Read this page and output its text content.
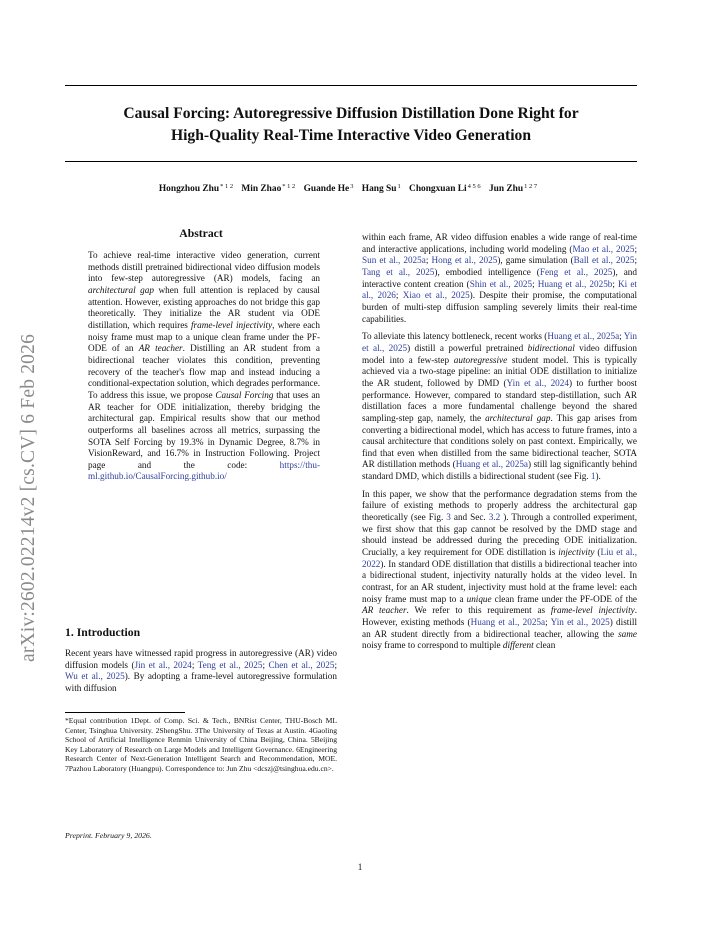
arXiv:2602.02214v2 [cs.CV] 6 Feb 2026
Causal Forcing: Autoregressive Diffusion Distillation Done Right for
High-Quality Real-Time Interactive Video Generation
Hongzhou Zhu$^{* 1 2}$ Min Zhao$^{* 1 2}$ Guande He$^3$ Hang Su$^1$ Chongxuan $Li^{4 5 6}$ Jun Zhu$^{1 2 7}$
Abstract

To achieve real-time interactive video generation, current methods distill pretrained bidirectional video diffusion models into few-step autoregressive (AR) models, facing an architectural gap when full attention is replaced by causal attention. However, existing approaches do not bridge this gap theoretically. They initialize the AR student via ODE distillation, which requires frame-level injectivity, where each noisy frame must map to a unique clean frame under the PF-ODE of an AR teacher. Distilling an AR student from a bidirectional teacher violates this condition, preventing recovery of the teacher's flow map and instead inducing a conditional-expectation solution, which degrades performance. To address this issue, we propose Causal Forcing that uses an AR teacher for ODE initialization, thereby bridging the architectural gap. Empirical results show that our method outperforms all baselines across all metrics, surpassing the SOTA Self Forcing by 19.3% in Dynamic Degree, 8.7% in VisionReward, and 16.7% in Instruction Following. Project page and the code: https://thu-ml.github.io/CausalForcing.github.io/

1. Introduction

Recent years have witnessed rapid progress in autoregressive (AR) video diffusion models (Jin et al., 2024; Teng et al., 2025; Chen et al., 2025; Wu et al., 2025). By adopting a frame-level autoregressive formulation with diffusion

*Equal contribution 1Dept. of Comp. Sci. & Tech., BNRist Center, THU-Bosch ML Center, Tsinghua University. 2ShengShu. 3The University of Texas at Austin. 4Gaoling School of Artificial Intelligence Renmin University of China Beijing, China. 5Beijing Key Laboratory of Research on Large Models and Intelligent Governance. 6Engineering Research Center of Next-Generation Intelligent Search and Recommendation, MOE. 7Pazhou Laboratory (Huangpu). Correspondence to: Jun Zhu <dcszj@tsinghua.edu.cn>.

Preprint. February 9, 2026.

within each frame, AR video diffusion enables a wide range of real-time and interactive applications, including world modeling (Mao et al., 2025; Sun et al., 2025a; Hong et al., 2025), game simulation (Ball et al., 2025; Tang et al., 2025), embodied intelligence (Feng et al., 2025), and interactive content creation (Shin et al., 2025; Huang et al., 2025b; Ki et al., 2026; Xiao et al., 2025). Despite their promise, the computational burden of multi-step diffusion sampling severely limits their real-time capabilities.

To alleviate this latency bottleneck, recent works (Huang et al., 2025a; Yin et al., 2025) distill a powerful pretrained bidirectional video diffusion model into a few-step autoregressive student model. This is typically achieved via a two-stage pipeline: an initial ODE distillation to initialize the AR student, followed by DMD (Yin et al., 2024) to further boost performance. However, compared to standard step-distillation, such AR distillation faces a more fundamental challenge beyond the shared sampling-step gap, namely, the architectural gap. This gap arises from converting a bidirectional model, which has access to future frames, into a causal architecture that conditions solely on past context. Empirically, we find that even when distilled from the same bidirectional teacher, SOTA AR distillation methods (Huang et al., 2025a) still lag significantly behind standard DMD, which distills a bidirectional student (see Fig. 1).

In this paper, we show that the performance degradation stems from the failure of existing methods to properly address the architectural gap theoretically (see Fig. 3 and Sec. 3.2 ). Through a controlled experiment, we first show that this gap cannot be resolved by the DMD stage and should instead be addressed during the preceding ODE initialization. Crucially, a key requirement for ODE distillation is injectivity (Liu et al., 2022). In standard ODE distillation that distills a bidirectional teacher into a bidirectional student, injectivity naturally holds at the video level. In contrast, for an AR student, injectivity must hold at the frame level: each noisy frame must map to a unique clean frame under the PF-ODE of the AR teacher. We refer to this requirement as frame-level injectivity. However, existing methods (Huang et al., 2025a; Yin et al., 2025) distill an AR student directly from a bidirectional teacher, allowing the same noisy frame to correspond to multiple different clean

1
